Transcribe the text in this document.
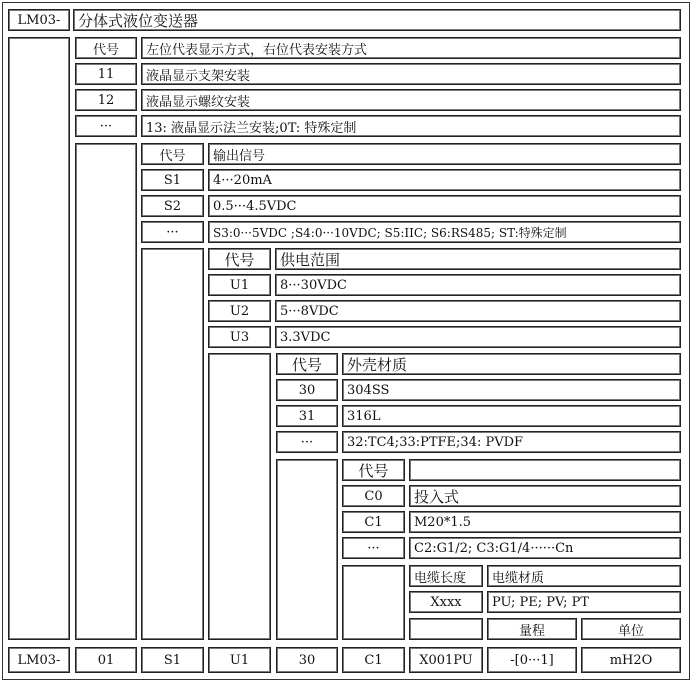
LM03-	分体式液位变送器
代号	左位代表显示方式，右位代表安装方式
11	液晶显示支架安装
12	液晶显示螺纹安装
···	13: 液晶显示法兰安装;0T: 特殊定制
代号	输出信号
S1	4···20mA
S2	0.5···4.5VDC
···	S3:0···5VDC ;S4:0···10VDC; S5:IIC; S6:RS485; ST:特殊定制
代号	供电范围
U1	8···30VDC
U2	5···8VDC
U3	3.3VDC
代号	外壳材质
30	304SS
31	316L
···	32:TC4;33:PTFE;34: PVDF
代号
C0	投入式
C1	M20*1.5
···	C2:G1/2; C3:G1/4······Cn
电缆长度	电缆材质
Xxxx	PU; PE; PV; PT
量程	单位
LM03-	01	S1	U1	30	C1	X001PU	-[0···1]	mH2O
